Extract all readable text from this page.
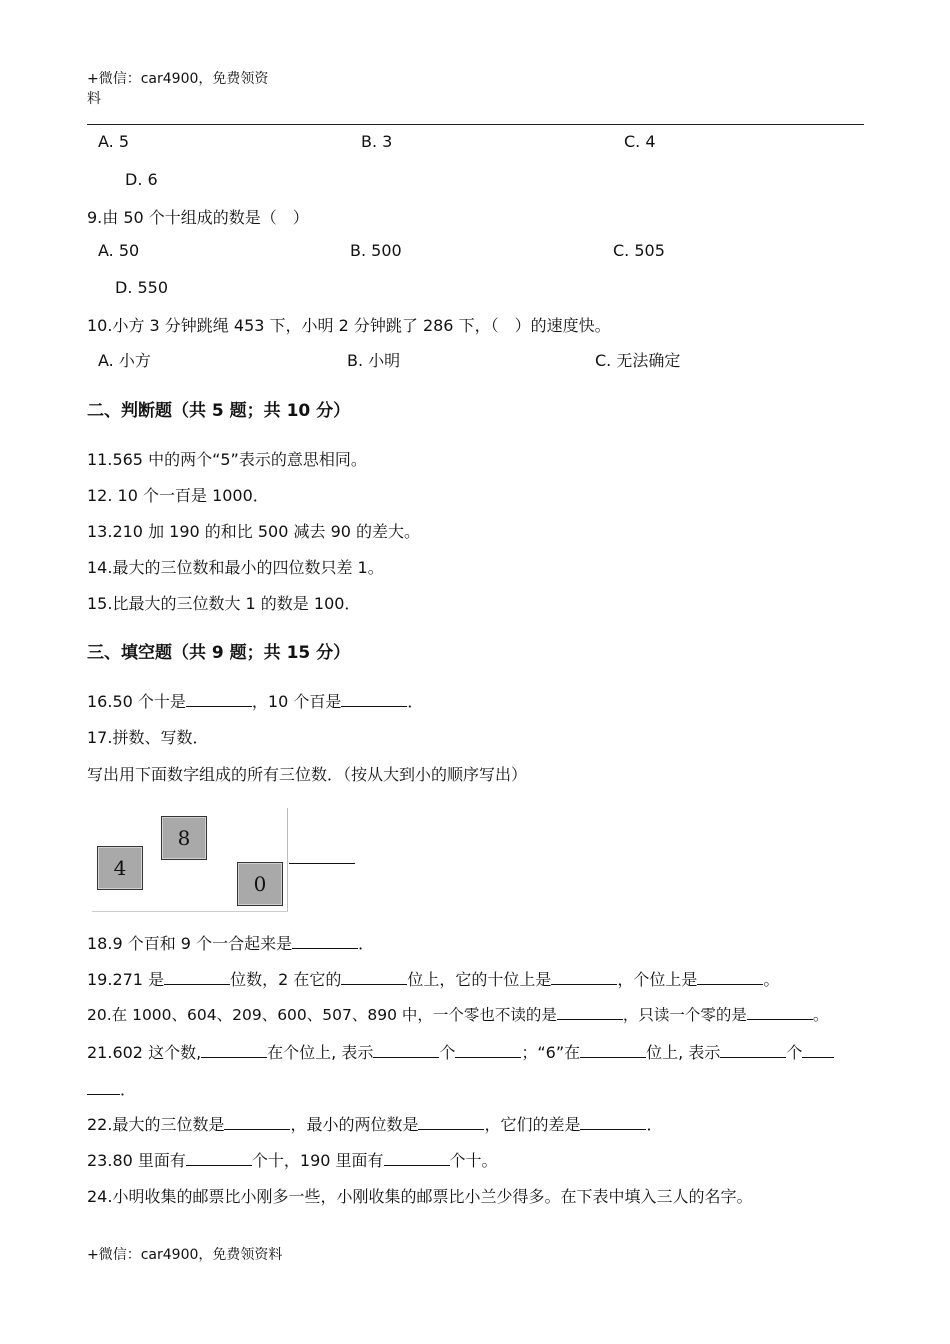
+微信：car4900，免费领资
料
A. 5	B. 3	C. 4
D. 6
9.由 50 个十组成的数是（　）
A. 50	B. 500	C. 505
D. 550
10.小方 3 分钟跳绳 453 下，小明 2 分钟跳了 286 下，（　）的速度快。
A. 小方	B. 小明	C. 无法确定
二、判断题（共 5 题；共 10 分）
11.565 中的两个“5”表示的意思相同。
12. 10 个一百是 1000．
13.210 加 190 的和比 500 减去 90 的差大。
14.最大的三位数和最小的四位数只差 1。
15.比最大的三位数大 1 的数是 100．
三、填空题（共 9 题；共 15 分）
16.50 个十是	，10 个百是	．
17.拼数、写数．
写出用下面数字组成的所有三位数．（按从大到小的顺序写出）
4
8
0
18.9 个百和 9 个一合起来是	．
19.271 是	位数，2 在它的	位上，它的十位上是	，个位上是	。
20.在 1000、604、209、600、507、890 中，一个零也不读的是	，只读一个零的是	。
21.602 这个数,	在个位上, 表示	个	；“6”在	位上, 表示	个
．
22.最大的三位数是	，最小的两位数是	，它们的差是	．
23.80 里面有	个十，190 里面有	个十。
24.小明收集的邮票比小刚多一些，小刚收集的邮票比小兰少得多。在下表中填入三人的名字。
+微信：car4900，免费领资料
